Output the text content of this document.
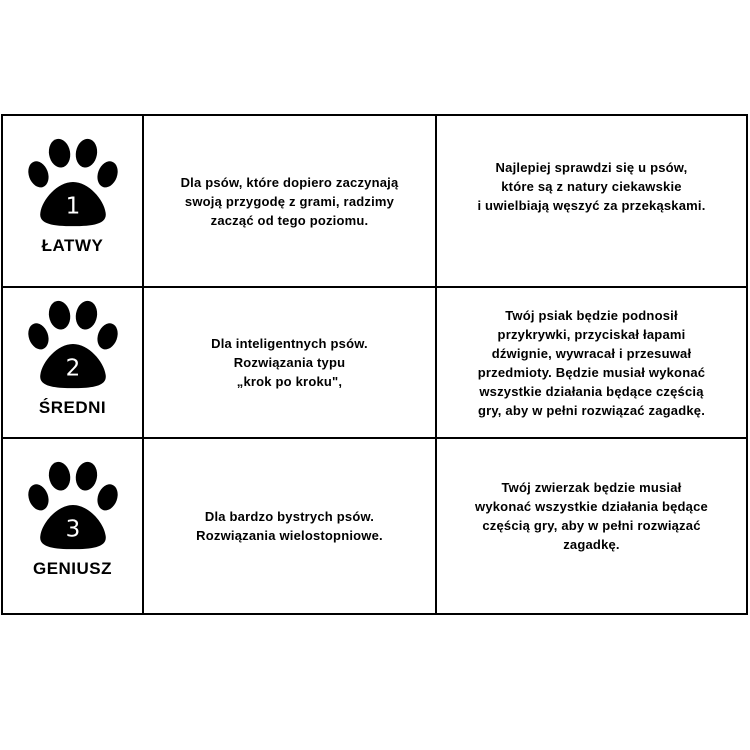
1
ŁATWY
Dla psów, które dopiero zaczynają
swoją przygodę z grami, radzimy
zacząć od tego poziomu.
Najlepiej sprawdzi się u psów,
które są z natury ciekawskie
i uwielbiają węszyć za przekąskami.
2
ŚREDNI
Dla inteligentnych psów.
Rozwiązania typu
„krok po kroku",
Twój psiak będzie podnosił
przykrywki, przyciskał łapami
dźwignie, wywracał i przesuwał
przedmioty. Będzie musiał wykonać
wszystkie działania będące częścią
gry, aby w pełni rozwiązać zagadkę.
3
GENIUSZ
Dla bardzo bystrych psów.
Rozwiązania wielostopniowe.
Twój zwierzak będzie musiał
wykonać wszystkie działania będące
częścią gry, aby w pełni rozwiązać
zagadkę.
